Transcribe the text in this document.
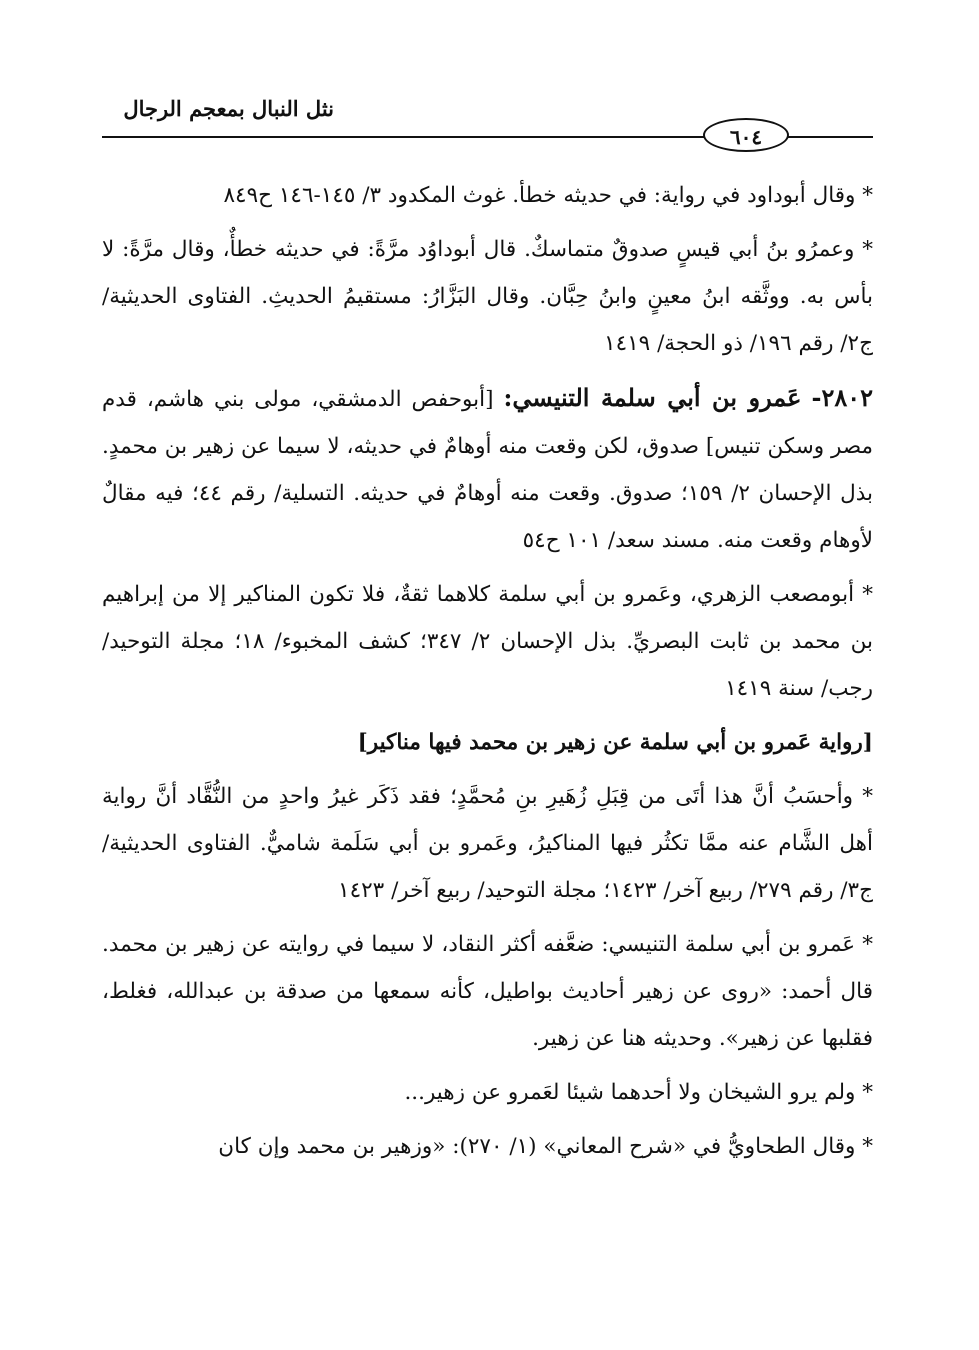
نثل النبال بمعجم الرجال
٦٠٤

* وقال أبوداود في رواية: في حديثه خطأ. غوث المكدود ٣/ ١٤٥-١٤٦ ح٨٤٩

* وعمرُو بنُ أبي قيسٍ صدوقٌ متماسكٌ. قال أبوداوُد مرَّةً: في حديثه خطأٌ، وقال مرَّةً: لا بأس به. ووثَّقه ابنُ معينٍ وابنُ حِبَّان. وقال البَزَّارُ: مستقيمُ الحديثِ. الفتاوى الحديثية/ ج٢/ رقم ١٩٦/ ذو الحجة/ ١٤١٩

٢٨٠٢- عَمرو بن أبي سلمة التنيسي: [أبوحفص الدمشقي، مولى بني هاشم، قدم مصر وسكن تنيس] صدوق، لكن وقعت منه أوهامٌ في حديثه، لا سيما عن زهير بن محمدٍ. بذل الإحسان ٢/ ١٥٩؛ صدوق. وقعت منه أوهامٌ في حديثه. التسلية/ رقم ٤٤؛ فيه مقالٌ لأوهام وقعت منه. مسند سعد/ ١٠١ ح٥٤

* أبومصعب الزهري، وعَمرو بن أبي سلمة كلاهما ثقةٌ، فلا تكون المناكير إلا من إبراهيم بن محمد بن ثابت البصريِّ. بذل الإحسان ٢/ ٣٤٧؛ كشف المخبوء/ ١٨؛ مجلة التوحيد/ رجب/ سنة ١٤١٩

[رواية عَمرو بن أبي سلمة عن زهير بن محمد فيها مناكير]

* وأحسَبُ أنَّ هذا أتَى من قِبَلِ زُهَيرِ بنِ مُحمَّدٍ؛ فقد ذَكَر غيرُ واحدٍ من النُّقَّاد أنَّ رواية أهل الشَّام عنه ممَّا تكثُر فيها المناكيرُ، وعَمرو بن أبي سَلَمة شاميٌّ. الفتاوى الحديثية/ ج٣/ رقم ٢٧٩/ ربيع آخر/ ١٤٢٣؛ مجلة التوحيد/ ربيع آخر/ ١٤٢٣

* عَمرو بن أبي سلمة التنيسي: ضعَّفه أكثر النقاد، لا سيما في روايته عن زهير بن محمد. قال أحمد: «روى عن زهير أحاديث بواطيل، كأنه سمعها من صدقة بن عبدالله، فغلط، فقلبها عن زهير». وحديثه هنا عن زهير.

* ولم يرو الشيخان ولا أحدهما شيئا لعَمرو عن زهير...

* وقال الطحاويُّ في «شرح المعاني» (١/ ٢٧٠): «وزهير بن محمد وإن كان
